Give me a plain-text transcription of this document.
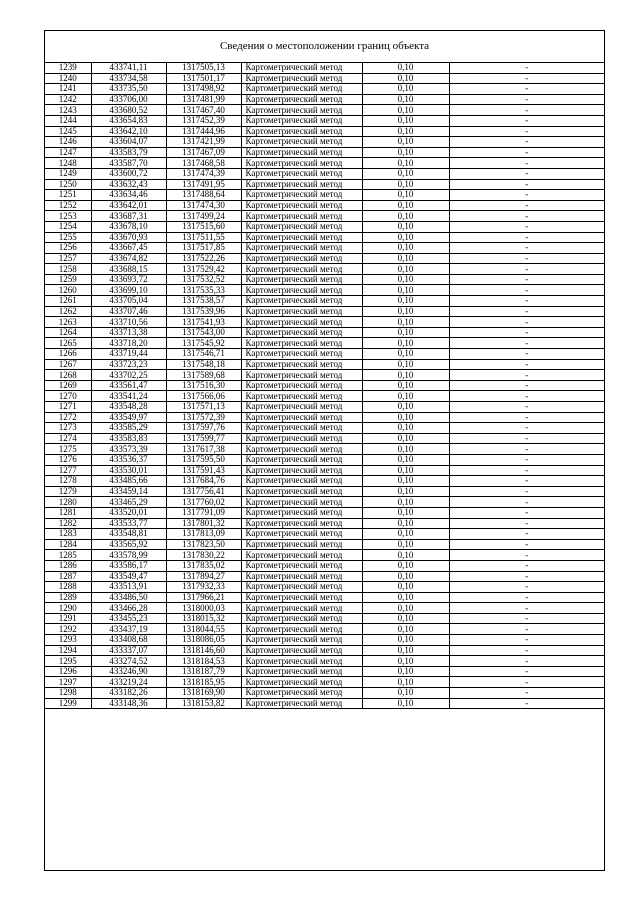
Сведения о местоположении границ объекта
1239	433741,11	1317505,13	Картометрический метод	0,10	-
1240	433734,58	1317501,17	Картометрический метод	0,10	-
1241	433735,50	1317498,92	Картометрический метод	0,10	-
1242	433706,00	1317481,99	Картометрический метод	0,10	-
1243	433680,52	1317467,40	Картометрический метод	0,10	-
1244	433654,83	1317452,39	Картометрический метод	0,10	-
1245	433642,10	1317444,96	Картометрический метод	0,10	-
1246	433604,07	1317421,99	Картометрический метод	0,10	-
1247	433583,79	1317467,09	Картометрический метод	0,10	-
1248	433587,70	1317468,58	Картометрический метод	0,10	-
1249	433600,72	1317474,39	Картометрический метод	0,10	-
1250	433632,43	1317491,95	Картометрический метод	0,10	-
1251	433634,46	1317488,64	Картометрический метод	0,10	-
1252	433642,01	1317474,30	Картометрический метод	0,10	-
1253	433687,31	1317499,24	Картометрический метод	0,10	-
1254	433678,10	1317515,60	Картометрический метод	0,10	-
1255	433670,93	1317511,55	Картометрический метод	0,10	-
1256	433667,45	1317517,85	Картометрический метод	0,10	-
1257	433674,82	1317522,26	Картометрический метод	0,10	-
1258	433688,15	1317529,42	Картометрический метод	0,10	-
1259	433693,72	1317532,52	Картометрический метод	0,10	-
1260	433699,10	1317535,33	Картометрический метод	0,10	-
1261	433705,04	1317538,57	Картометрический метод	0,10	-
1262	433707,46	1317539,96	Картометрический метод	0,10	-
1263	433710,56	1317541,93	Картометрический метод	0,10	-
1264	433713,38	1317543,00	Картометрический метод	0,10	-
1265	433718,20	1317545,92	Картометрический метод	0,10	-
1266	433719,44	1317546,71	Картометрический метод	0,10	-
1267	433723,23	1317548,18	Картометрический метод	0,10	-
1268	433702,25	1317589,68	Картометрический метод	0,10	-
1269	433561,47	1317516,30	Картометрический метод	0,10	-
1270	433541,24	1317566,06	Картометрический метод	0,10	-
1271	433548,28	1317571,13	Картометрический метод	0,10	-
1272	433549,97	1317572,39	Картометрический метод	0,10	-
1273	433585,29	1317597,76	Картометрический метод	0,10	-
1274	433583,83	1317599,77	Картометрический метод	0,10	-
1275	433573,39	1317617,38	Картометрический метод	0,10	-
1276	433536,37	1317595,50	Картометрический метод	0,10	-
1277	433530,01	1317591,43	Картометрический метод	0,10	-
1278	433485,66	1317684,76	Картометрический метод	0,10	-
1279	433459,14	1317756,41	Картометрический метод	0,10	-
1280	433465,29	1317760,02	Картометрический метод	0,10	-
1281	433520,01	1317791,09	Картометрический метод	0,10	-
1282	433533,77	1317801,32	Картометрический метод	0,10	-
1283	433548,81	1317813,09	Картометрический метод	0,10	-
1284	433565,92	1317823,50	Картометрический метод	0,10	-
1285	433578,99	1317830,22	Картометрический метод	0,10	-
1286	433586,17	1317835,02	Картометрический метод	0,10	-
1287	433549,47	1317894,27	Картометрический метод	0,10	-
1288	433513,91	1317932,33	Картометрический метод	0,10	-
1289	433486,50	1317966,21	Картометрический метод	0,10	-
1290	433466,28	1318000,03	Картометрический метод	0,10	-
1291	433455,23	1318015,32	Картометрический метод	0,10	-
1292	433437,19	1318044,55	Картометрический метод	0,10	-
1293	433408,68	1318086,05	Картометрический метод	0,10	-
1294	433337,07	1318146,60	Картометрический метод	0,10	-
1295	433274,52	1318184,53	Картометрический метод	0,10	-
1296	433246,90	1318187,79	Картометрический метод	0,10	-
1297	433219,24	1318185,95	Картометрический метод	0,10	-
1298	433182,26	1318169,90	Картометрический метод	0,10	-
1299	433148,36	1318153,82	Картометрический метод	0,10	-
